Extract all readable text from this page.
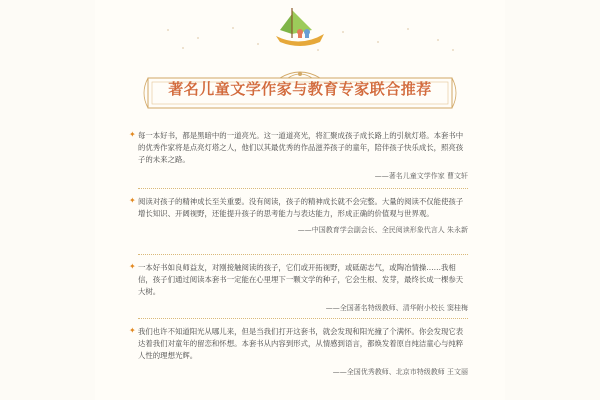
著名儿童文学作家与教育专家联合推荐
✦ 每一本好书，都是黑暗中的一道亮光。这一道道亮光，将汇聚成孩子成长路上的引航灯塔。本套书中的优秀作家将是点亮灯塔之人，他们以其最优秀的作品滋养孩子的童年，陪伴孩子快乐成长，照亮孩子的未来之路。
——著名儿童文学作家 曹文轩
✦ 阅读对孩子的精神成长至关重要。没有阅读，孩子的精神成长就不会完整。大量的阅读不仅能使孩子增长知识、开阔视野，还能提升孩子的思考能力与表达能力，形成正确的价值观与世界观。
——中国教育学会副会长、全民阅读形象代言人 朱永新
✦ 一本好书如良师益友，对刚接触阅读的孩子，它们或开拓视野，或砥砺志气，或陶冶情操……我相信，孩子们通过阅读本套书一定能在心里埋下一颗文学的种子，它会生根、发芽，最终长成一棵参天大树。
——全国著名特级教师、清华附小校长 窦桂梅
✦ 我们也许不知道阳光从哪儿来，但是当我们打开这套书，就会发现和阳光撞了个满怀。你会发现它表达着我们对童年的留恋和怀想。本套书从内容到形式，从情感到语言，都焕发着原自纯洁童心与纯粹人性的理想光辉。
——全国优秀教师、北京市特级教师 王文丽
